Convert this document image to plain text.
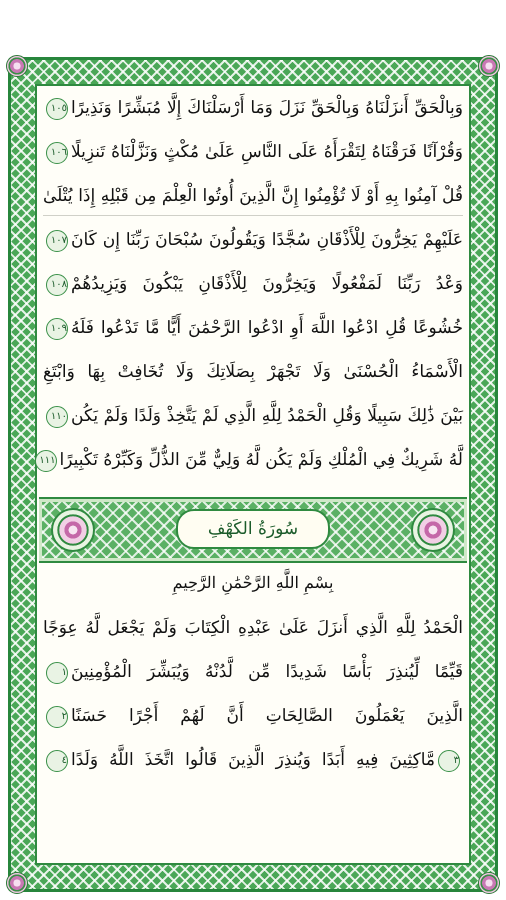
وَبِالْحَقِّ أَنزَلْنَاهُ وَبِالْحَقِّ نَزَلَ وَمَا أَرْسَلْنَاكَ إِلَّا مُبَشِّرًا وَنَذِيرًا١٠٥
وَقُرْآنًا فَرَقْنَاهُ لِتَقْرَأَهُ عَلَى النَّاسِ عَلَىٰ مُكْثٍ وَنَزَّلْنَاهُ تَنزِيلًا١٠٦
قُلْ آمِنُوا بِهِ أَوْ لَا تُؤْمِنُوا إِنَّ الَّذِينَ أُوتُوا الْعِلْمَ مِن قَبْلِهِ إِذَا يُتْلَىٰ
عَلَيْهِمْ يَخِرُّونَ لِلْأَذْقَانِ سُجَّدًا وَيَقُولُونَ سُبْحَانَ رَبِّنَا إِن كَانَ١٠٧
وَعْدُ رَبِّنَا لَمَفْعُولًا وَيَخِرُّونَ لِلْأَذْقَانِ يَبْكُونَ وَيَزِيدُهُمْ١٠٨
خُشُوعًا قُلِ ادْعُوا اللَّهَ أَوِ ادْعُوا الرَّحْمَٰنَ أَيًّا مَّا تَدْعُوا فَلَهُ١٠٩
الْأَسْمَاءُ الْحُسْنَىٰ وَلَا تَجْهَرْ بِصَلَاتِكَ وَلَا تُخَافِتْ بِهَا وَابْتَغِ
بَيْنَ ذَٰلِكَ سَبِيلًا وَقُلِ الْحَمْدُ لِلَّهِ الَّذِي لَمْ يَتَّخِذْ وَلَدًا وَلَمْ يَكُن١١٠
لَّهُ شَرِيكٌ فِي الْمُلْكِ وَلَمْ يَكُن لَّهُ وَلِيٌّ مِّنَ الذُّلِّ وَكَبِّرْهُ تَكْبِيرًا١١١
سُورَةُ الكَهْفِ
بِسْمِ اللَّهِ الرَّحْمَٰنِ الرَّحِيمِ
الْحَمْدُ لِلَّهِ الَّذِي أَنزَلَ عَلَىٰ عَبْدِهِ الْكِتَابَ وَلَمْ يَجْعَل لَّهُ عِوَجًا
قَيِّمًا لِّيُنذِرَ بَأْسًا شَدِيدًا مِّن لَّدُنْهُ وَيُبَشِّرَ الْمُؤْمِنِينَ١
الَّذِينَ يَعْمَلُونَ الصَّالِحَاتِ أَنَّ لَهُمْ أَجْرًا حَسَنًا٢
٣مَّاكِثِينَ فِيهِ أَبَدًا وَيُنذِرَ الَّذِينَ قَالُوا اتَّخَذَ اللَّهُ وَلَدًا٤
